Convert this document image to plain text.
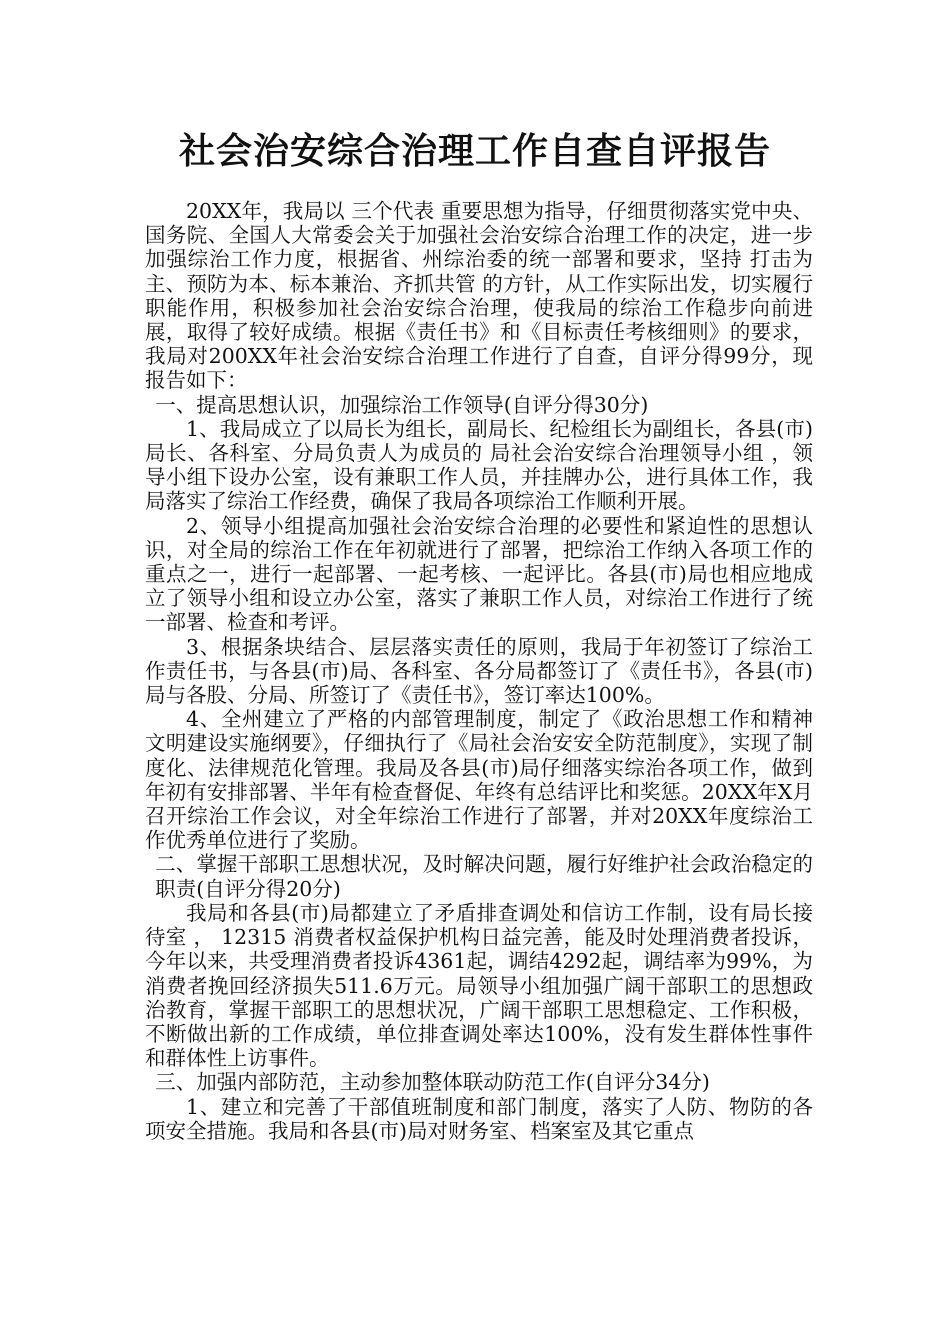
社会治安综合治理工作自查自评报告

20XX年，我局以 三个代表 重要思想为指导，仔细贯彻落实党中央、国务院、全国人大常委会关于加强社会治安综合治理工作的决定，进一步加强综治工作力度，根据省、州综治委的统一部署和要求，坚持 打击为主、预防为本、标本兼治、齐抓共管 的方针，从工作实际出发，切实履行职能作用，积极参加社会治安综合治理，使我局的综治工作稳步向前进展，取得了较好成绩。根据《责任书》和《目标责任考核细则》的要求，我局对200XX年社会治安综合治理工作进行了自查，自评分得99分，现报告如下：

一、提高思想认识，加强综治工作领导(自评分得30分)

1、我局成立了以局长为组长，副局长、纪检组长为副组长，各县(市)局长、各科室、分局负责人为成员的 局社会治安综合治理领导小组 ，领导小组下设办公室，设有兼职工作人员，并挂牌办公，进行具体工作，我局落实了综治工作经费，确保了我局各项综治工作顺利开展。

2、领导小组提高加强社会治安综合治理的必要性和紧迫性的思想认识，对全局的综治工作在年初就进行了部署，把综治工作纳入各项工作的重点之一，进行一起部署、一起考核、一起评比。各县(市)局也相应地成立了领导小组和设立办公室，落实了兼职工作人员，对综治工作进行了统一部署、检查和考评。

3、根据条块结合、层层落实责任的原则，我局于年初签订了综治工作责任书，与各县(市)局、各科室、各分局都签订了《责任书》，各县(市)局与各股、分局、所签订了《责任书》，签订率达100%。

4、全州建立了严格的内部管理制度，制定了《政治思想工作和精神文明建设实施纲要》，仔细执行了《局社会治安安全防范制度》，实现了制度化、法律规范化管理。我局及各县(市)局仔细落实综治各项工作，做到年初有安排部署、半年有检查督促、年终有总结评比和奖惩。20XX年X月召开综治工作会议，对全年综治工作进行了部署，并对20XX年度综治工作优秀单位进行了奖励。

二、掌握干部职工思想状况，及时解决问题，履行好维护社会政治稳定的职责(自评分得20分)

我局和各县(市)局都建立了矛盾排查调处和信访工作制，设有局长接待室 ， 12315 消费者权益保护机构日益完善，能及时处理消费者投诉，今年以来，共受理消费者投诉4361起，调结4292起，调结率为99%，为消费者挽回经济损失511.6万元。局领导小组加强广阔干部职工的思想政治教育，掌握干部职工的思想状况，广阔干部职工思想稳定、工作积极，不断做出新的工作成绩，单位排查调处率达100%，没有发生群体性事件和群体性上访事件。

三、加强内部防范，主动参加整体联动防范工作(自评分34分)

1、建立和完善了干部值班制度和部门制度，落实了人防、物防的各项安全措施。我局和各县(市)局对财务室、档案室及其它重点
